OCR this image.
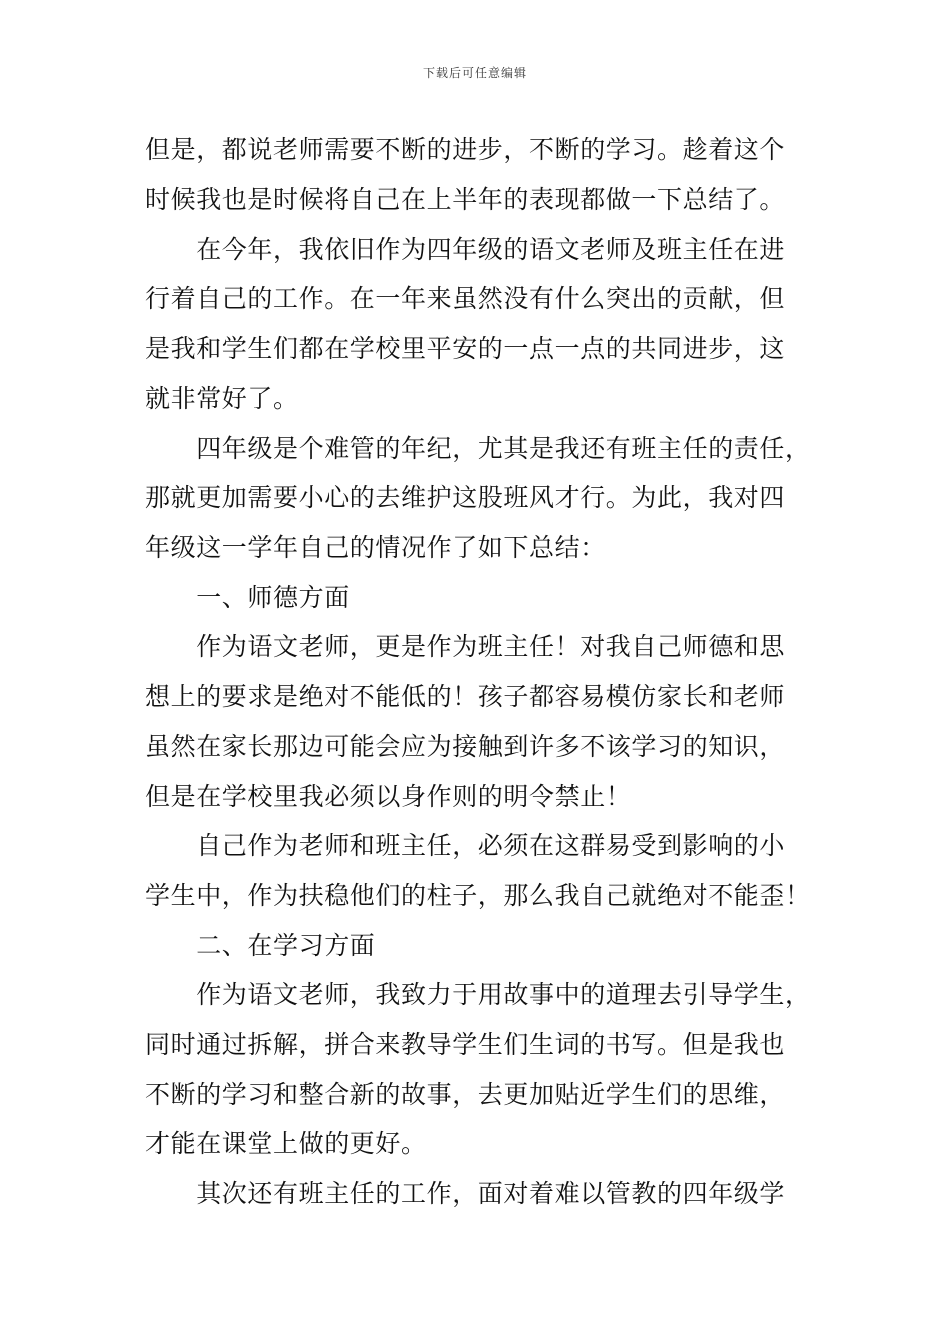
下载后可任意编辑
但是，都说老师需要不断的进步，不断的学习。趁着这个
时候我也是时候将自己在上半年的表现都做一下总结了。
　　在今年，我依旧作为四年级的语文老师及班主任在进
行着自己的工作。在一年来虽然没有什么突出的贡献，但
是我和学生们都在学校里平安的一点一点的共同进步，这
就非常好了。
　　四年级是个难管的年纪，尤其是我还有班主任的责任，
那就更加需要小心的去维护这股班风才行。为此，我对四
年级这一学年自己的情况作了如下总结：
　　一、师德方面
　　作为语文老师，更是作为班主任！对我自己师德和思
想上的要求是绝对不能低的！孩子都容易模仿家长和老师
虽然在家长那边可能会应为接触到许多不该学习的知识，
但是在学校里我必须以身作则的明令禁止！
　　自己作为老师和班主任，必须在这群易受到影响的小
学生中，作为扶稳他们的柱子，那么我自己就绝对不能歪！
　　二、在学习方面
　　作为语文老师，我致力于用故事中的道理去引导学生，
同时通过拆解，拼合来教导学生们生词的书写。但是我也
不断的学习和整合新的故事，去更加贴近学生们的思维，
才能在课堂上做的更好。
　　其次还有班主任的工作，面对着难以管教的四年级学
